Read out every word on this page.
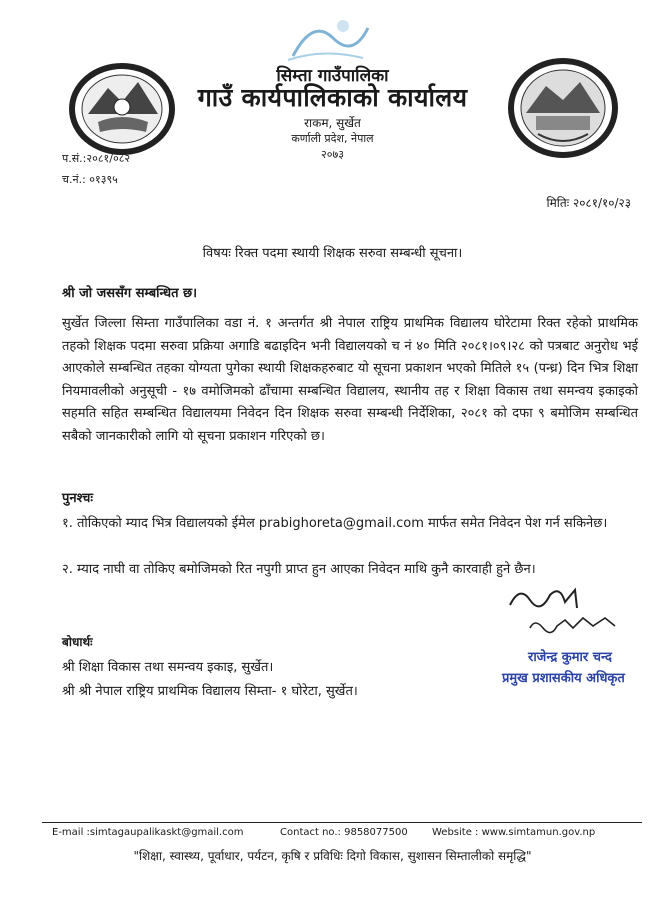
सिम्ता गाउँपालिका
गाउँ कार्यपालिकाको कार्यालय
राकम, सुर्खेत
कर्णाली प्रदेश, नेपाल
२०७३
प.सं.:२०८१/०८२
च.नं.: ०१३९५
मितिः २०८१/१०/२३
विषयः रिक्त पदमा स्थायी शिक्षक सरुवा सम्बन्धी सूचना।
श्री जो जससँग सम्बन्धित छ।
सुर्खेत जिल्ला सिम्ता गाउँपालिका वडा नं. १ अन्तर्गत श्री नेपाल राष्ट्रिय प्राथमिक विद्यालय घोरेटामा रिक्त रहेको प्राथमिक तहको शिक्षक पदमा सरुवा प्रक्रिया अगाडि बढाइदिन भनी विद्यालयको च नं ४० मिति २०८१।०९।२८ को पत्रबाट अनुरोध भई आएकोले सम्बन्धित तहका योग्यता पुगेका स्थायी शिक्षकहरुबाट यो सूचना प्रकाशन भएको मितिले १५ (पन्ध्र) दिन भित्र शिक्षा नियमावलीको अनुसूची - १७ वमोजिमको ढाँचामा सम्बन्धित विद्यालय, स्थानीय तह र शिक्षा विकास तथा समन्वय इकाइको सहमति सहित सम्बन्धित विद्यालयमा निवेदन दिन शिक्षक सरुवा सम्बन्धी निर्देशिका, २०८१ को दफा ९ बमोजिम सम्बन्धित सबैको जानकारीको लागि यो सूचना प्रकाशन गरिएको छ।
पुनश्चः
१. तोकिएको म्याद भित्र विद्यालयको ईमेल prabighoreta@gmail.com मार्फत समेत निवेदन पेश गर्न सकिनेछ।
२. म्याद नाघी वा तोकिए बमोजिमको रित नपुगी प्राप्त हुन आएका निवेदन माथि कुनै कारवाही हुने छैन।
राजेन्द्र कुमार चन्द
प्रमुख प्रशासकीय अधिकृत
बोधार्थः
श्री शिक्षा विकास तथा समन्वय इकाइ, सुर्खेत।
श्री श्री नेपाल राष्ट्रिय प्राथमिक विद्यालय सिम्ता- १ घोरेटा, सुर्खेत।
E-mail :simtagaupalikaskt@gmail.com	Contact no.: 9858077500 Website : www.simtamun.gov.np
"शिक्षा, स्वास्थ्य, पूर्वाधार, पर्यटन, कृषि र प्रविधिः दिगो विकास, सुशासन सिम्तालीको समृद्धि"
